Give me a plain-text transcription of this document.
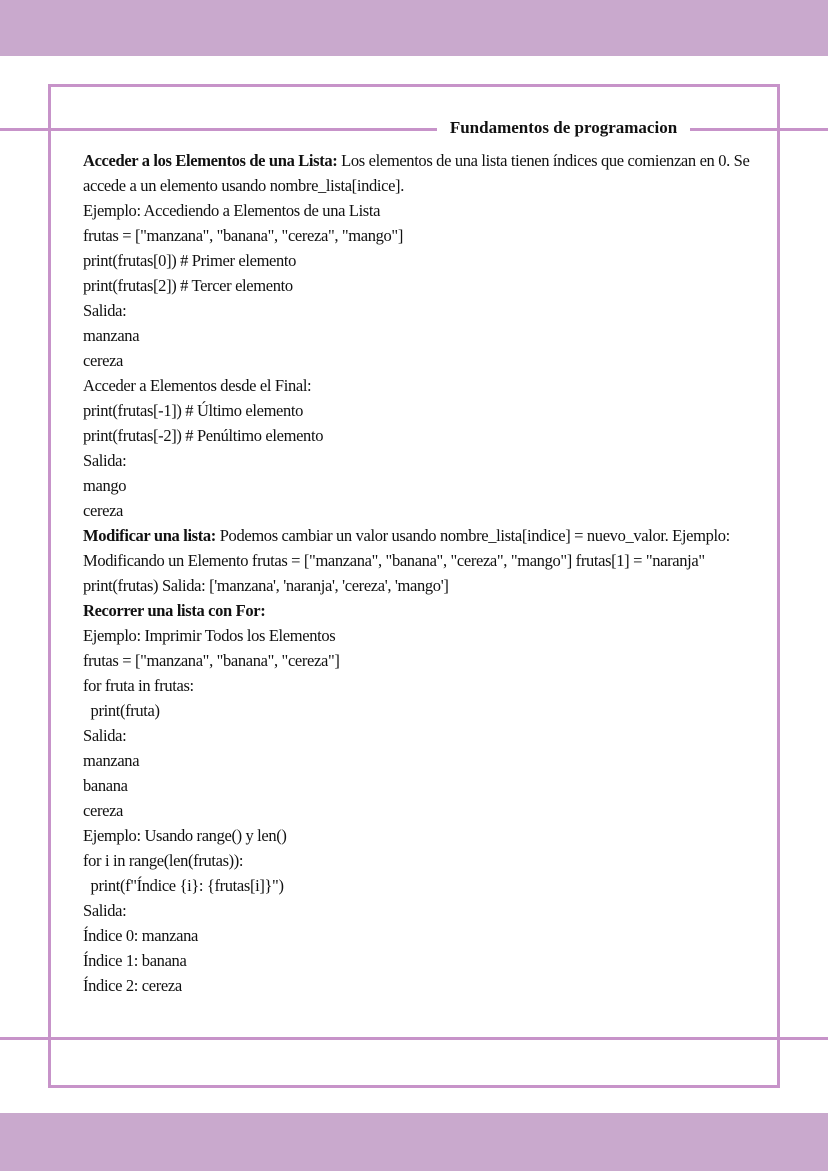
Fundamentos de programacion
Acceder a los Elementos de una Lista: Los elementos de una lista tienen índices que comienzan en 0. Se
accede a un elemento usando nombre_lista[indice].
Ejemplo: Accediendo a Elementos de una Lista
frutas = ["manzana", "banana", "cereza", "mango"]
print(frutas[0]) # Primer elemento
print(frutas[2]) # Tercer elemento
Salida:
manzana
cereza
Acceder a Elementos desde el Final:
print(frutas[-1]) # Último elemento
print(frutas[-2]) # Penúltimo elemento
Salida:
mango
cereza
Modificar una lista: Podemos cambiar un valor usando nombre_lista[indice] = nuevo_valor. Ejemplo:
Modificando un Elemento frutas = ["manzana", "banana", "cereza", "mango"] frutas[1] = "naranja"
print(frutas) Salida: ['manzana', 'naranja', 'cereza', 'mango']
Recorrer una lista con For:
Ejemplo: Imprimir Todos los Elementos
frutas = ["manzana", "banana", "cereza"]
for fruta in frutas:
print(fruta)
Salida:
manzana
banana
cereza
Ejemplo: Usando range() y len()
for i in range(len(frutas)):
print(f"Índice {i}: {frutas[i]}")
Salida:
Índice 0: manzana
Índice 1: banana
Índice 2: cereza
